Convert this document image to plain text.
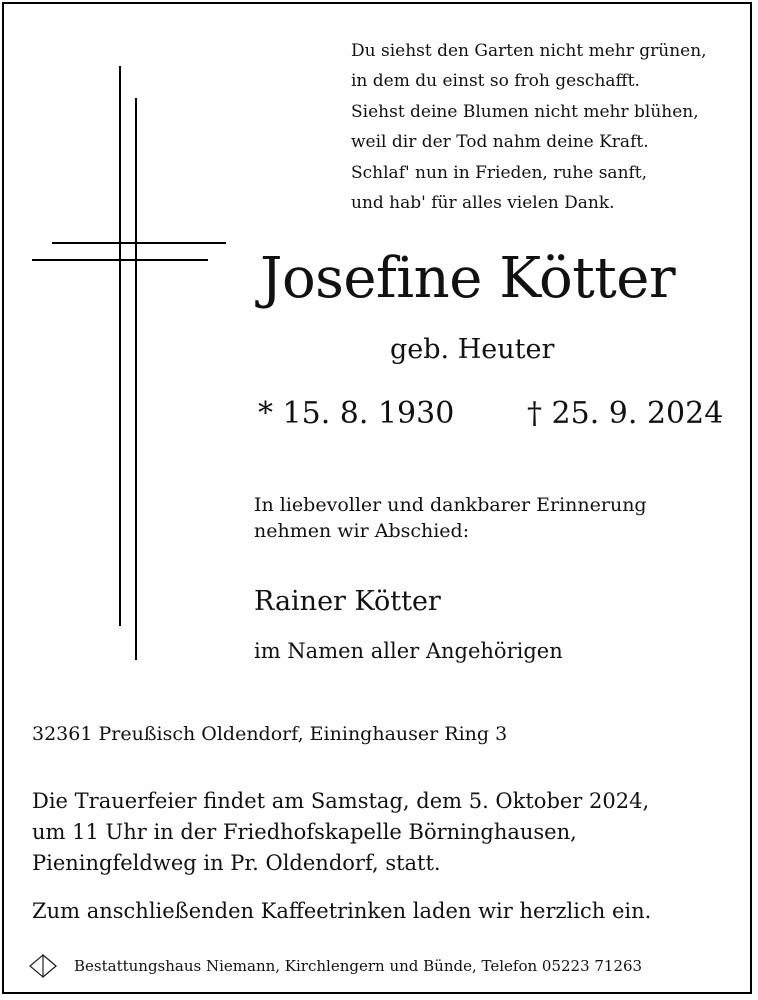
Du siehst den Garten nicht mehr grünen,
in dem du einst so froh geschafft.
Siehst deine Blumen nicht mehr blühen,
weil dir der Tod nahm deine Kraft.
Schlaf' nun in Frieden, ruhe sanft,
und hab' für alles vielen Dank.
Josefine Kötter
geb. Heuter
* 15. 8. 1930 † 25. 9. 2024
In liebevoller und dankbarer Erinnerung
nehmen wir Abschied:
Rainer Kötter
im Namen aller Angehörigen
32361 Preußisch Oldendorf, Eininghauser Ring 3
Die Trauerfeier findet am Samstag, dem 5. Oktober 2024,
um 11 Uhr in der Friedhofskapelle Börninghausen,
Pieningfeldweg in Pr. Oldendorf, statt.
Zum anschließenden Kaffeetrinken laden wir herzlich ein.
Bestattungshaus Niemann, Kirchlengern und Bünde, Telefon 05223 71263
